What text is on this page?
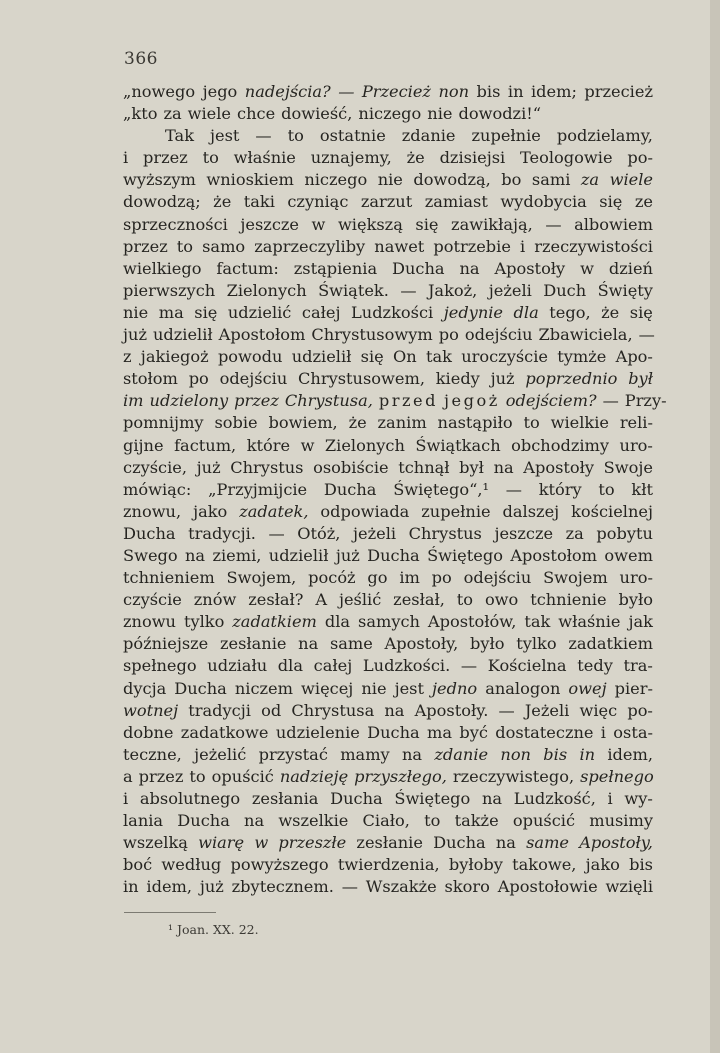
366
„nowego jego nadejścia? — Przecież non bis in idem; przecież
„kto za wiele chce dowieść, niczego nie dowodzi!“
Tak jest — to ostatnie zdanie zupełnie podzielamy,
i przez to właśnie uznajemy, że dzisiejsi Teologowie po-
wyższym wnioskiem niczego nie dowodzą, bo sami za wiele
dowodzą; że taki czyniąc zarzut zamiast wydobycia się ze
sprzeczności jeszcze w większą się zawikłają, — albowiem
przez to samo zaprzeczyliby nawet potrzebie i rzeczywistości
wielkiego factum: zstąpienia Ducha na Apostoły w dzień
pierwszych Zielonych Świątek. — Jakoż, jeżeli Duch Święty
nie ma się udzielić całej Ludzkości jedynie dla tego, że się
już udzielił Apostołom Chrystusowym po odejściu Zbawiciela, —
z jakiegoż powodu udzielił się On tak uroczyście tymże Apo-
stołom po odejściu Chrystusowem, kiedy już poprzednio był
im udzielony przez Chrystusa, przed jegoż odejściem? — Przy-
pomnijmy sobie bowiem, że zanim nastąpiło to wielkie reli-
gijne factum, które w Zielonych Świątkach obchodzimy uro-
czyście, już Chrystus osobiście tchnął był na Apostoły Swoje
mówiąc: „Przyjmijcie Ducha Świętego“,¹ — który to kłt
znowu, jako zadatek, odpowiada zupełnie dalszej kościelnej
Ducha tradycji. — Otóż, jeżeli Chrystus jeszcze za pobytu
Swego na ziemi, udzielił już Ducha Świętego Apostołom owem
tchnieniem Swojem, pocóż go im po odejściu Swojem uro-
czyście znów zesłał? A jeślić zesłał, to owo tchnienie było
znowu tylko zadatkiem dla samych Apostołów, tak właśnie jak
późniejsze zesłanie na same Apostoły, było tylko zadatkiem
spełnego udziału dla całej Ludzkości. — Kościelna tedy tra-
dycja Ducha niczem więcej nie jest jedno analogon owej pier-
wotnej tradycji od Chrystusa na Apostoły. — Jeżeli więc po-
dobne zadatkowe udzielenie Ducha ma być dostateczne i osta-
teczne, jeżelić przystać mamy na zdanie non bis in idem,
a przez to opuścić nadzieję przyszłego, rzeczywistego, spełnego
i absolutnego zesłania Ducha Świętego na Ludzkość, i wy-
lania Ducha na wszelkie Ciało, to także opuścić musimy
wszelką wiarę w przeszłe zesłanie Ducha na same Apostoły,
boć według powyższego twierdzenia, byłoby takowe, jako bis
in idem, już zbytecznem. — Wszakże skoro Apostołowie wzięli
¹ Joan. XX. 22.
